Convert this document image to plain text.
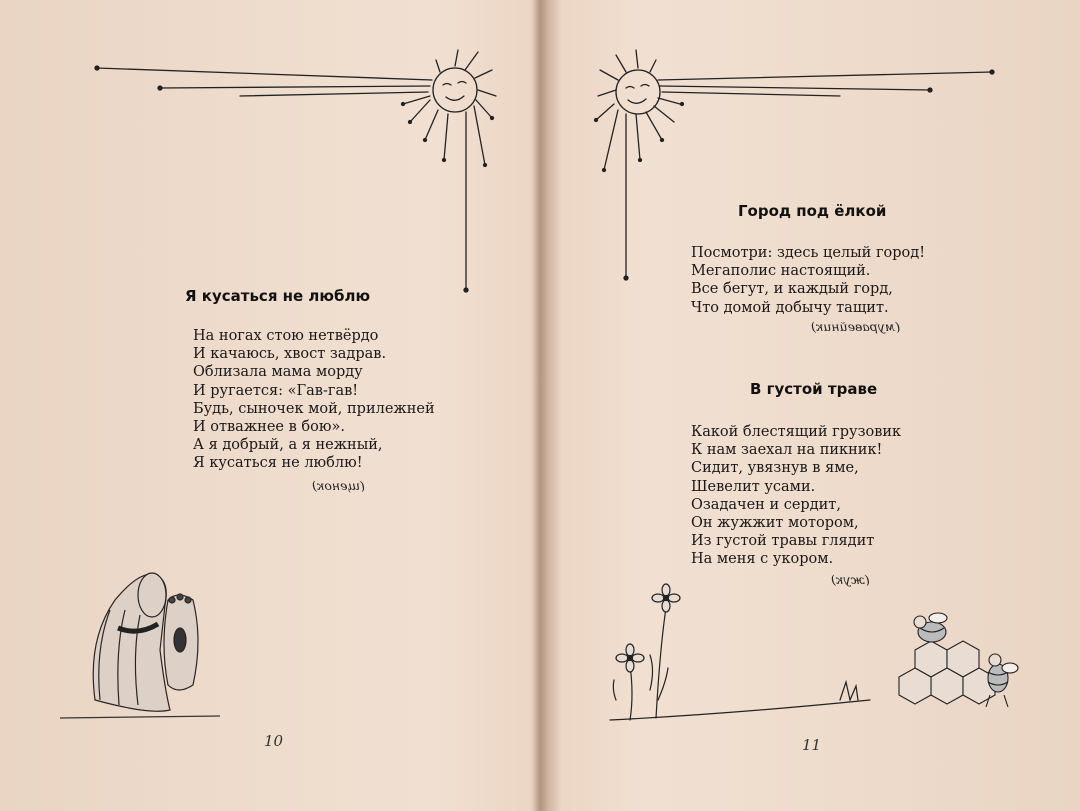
Я кусаться не люблю
На ногах стою нетвёрдо
И качаюсь, хвост задрав.
Облизала мама морду
И ругается: «Гав-гав!
Будь, сыночек мой, прилежней
И отважнее в бою».
А я добрый, а я нежный,
Я кусаться не люблю!
(щенок)
10
Город под ёлкой
Посмотри: здесь целый город!
Мегаполис настоящий.
Все бегут, и каждый горд,
Что домой добычу тащит.
(муравейник)
В густой траве
Какой блестящий грузовик
К нам заехал на пикник!
Сидит, увязнув в яме,
Шевелит усами.
Озадачен и сердит,
Он жужжит мотором,
Из густой травы глядит
На меня с укором.
(жук)
11
